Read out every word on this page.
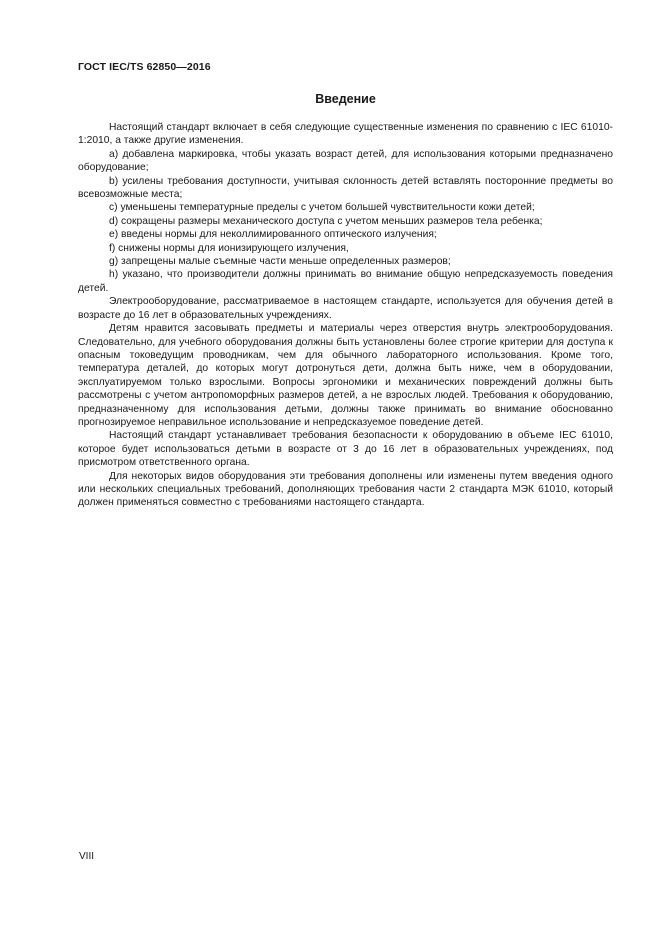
ГОСТ IEC/TS 62850—2016
Введение

Настоящий стандарт включает в себя следующие существенные изменения по сравнению с IEC 61010-1:2010, а также другие изменения.

a) добавлена маркировка, чтобы указать возраст детей, для использования которыми предназначено оборудование;

b) усилены требования доступности, учитывая склонность детей вставлять посторонние предметы во всевозможные места;

c) уменьшены температурные пределы с учетом большей чувствительности кожи детей;

d) сокращены размеры механического доступа с учетом меньших размеров тела ребенка;

e) введены нормы для неколлимированного оптического излучения;

f) снижены нормы для ионизирующего излучения,

g) запрещены малые съемные части меньше определенных размеров;

h) указано, что производители должны принимать во внимание общую непредсказуемость поведения детей.

Электрооборудование, рассматриваемое в настоящем стандарте, используется для обучения детей в возрасте до 16 лет в образовательных учреждениях.

Детям нравится засовывать предметы и материалы через отверстия внутрь электрооборудования. Следовательно, для учебного оборудования должны быть установлены более строгие критерии для доступа к опасным токоведущим проводникам, чем для обычного лабораторного использования. Кроме того, температура деталей, до которых могут дотронуться дети, должна быть ниже, чем в оборудовании, эксплуатируемом только взрослыми. Вопросы эргономики и механических повреждений должны быть рассмотрены с учетом антропоморфных размеров детей, а не взрослых людей. Требования к оборудованию, предназначенному для использования детьми, должны также принимать во внимание обоснованно прогнозируемое неправильное использование и непредсказуемое поведение детей.

Настоящий стандарт устанавливает требования безопасности к оборудованию в объеме IEC 61010, которое будет использоваться детьми в возрасте от 3 до 16 лет в образовательных учреждениях, под присмотром ответственного органа.

Для некоторых видов оборудования эти требования дополнены или изменены путем введения одного или нескольких специальных требований, дополняющих требования части 2 стандарта МЭК 61010, который должен применяться совместно с требованиями настоящего стандарта.

VIII
